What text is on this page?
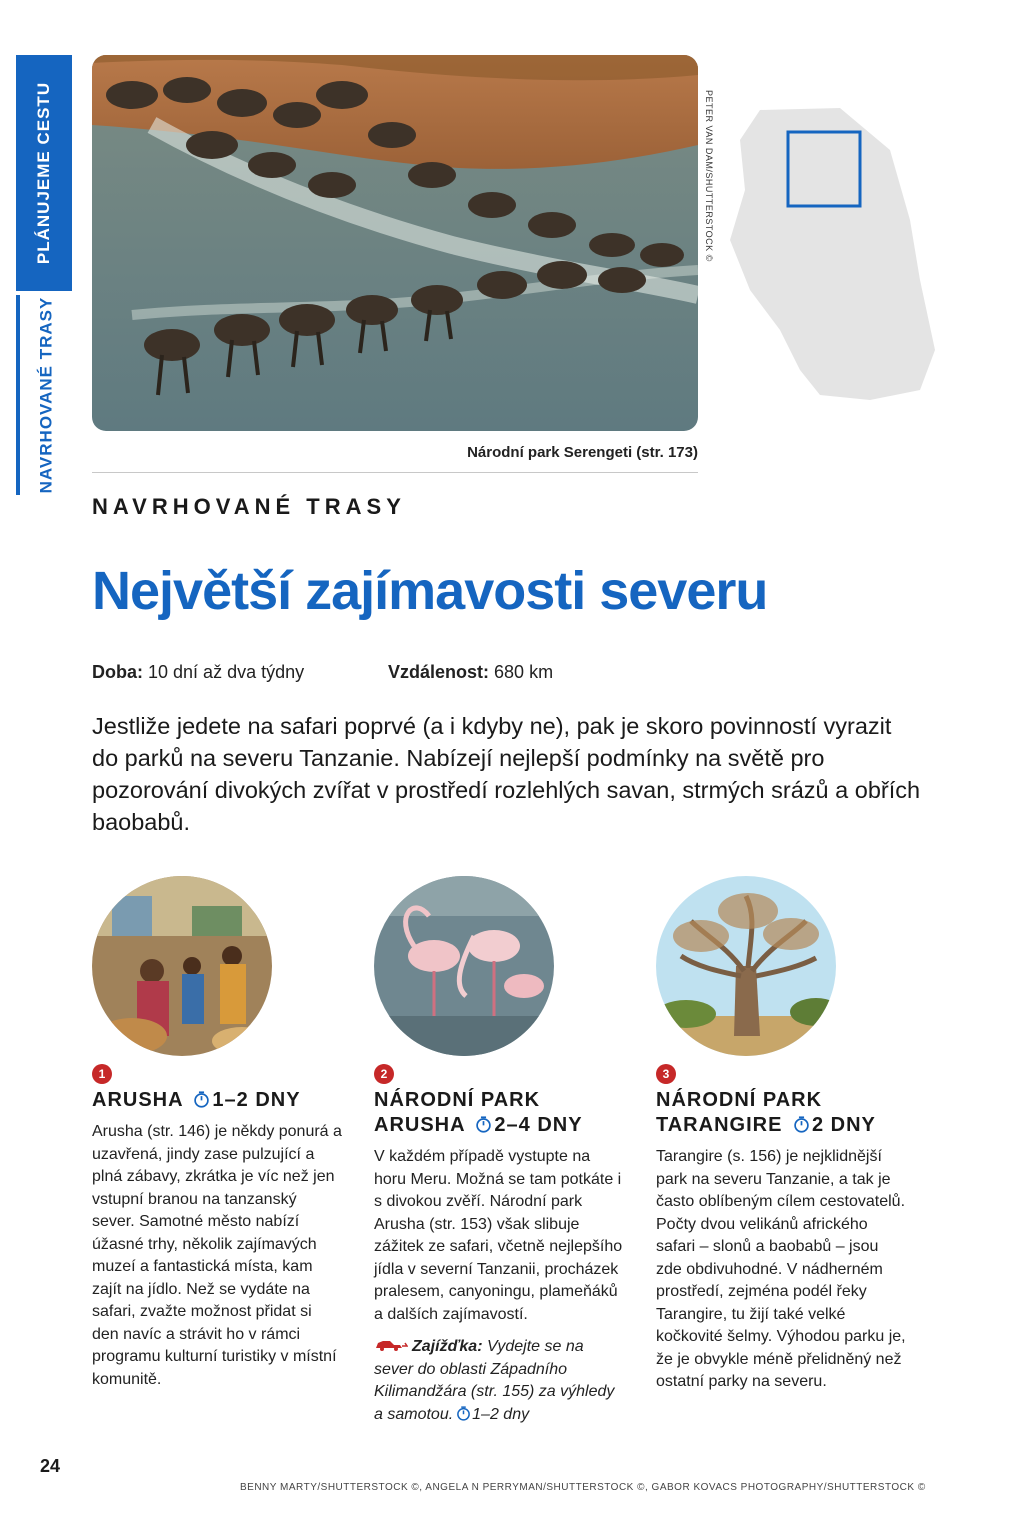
PLÁNUJEME CESTU
NAVRHOVANÉ TRASY
PETER VAN DAM/SHUTTERSTOCK ©
Národní park Serengeti (str. 173)
NAVRHOVANÉ TRASY
Největší zajímavosti severu
Doba: 10 dní až dva týdny	Vzdálenost: 680 km

Jestliže jedete na safari poprvé (a i kdyby ne), pak je skoro povinností vyrazit do parků na severu Tanzanie. Nabízejí nejlepší podmínky na světě pro pozorování divokých zvířat v prostředí rozlehlých savan, strmých srázů a obřích baobabů.

1
ARUSHA 1–2 DNY

Arusha (str. 146) je někdy ponurá a uzavřená, jindy zase pulzující a plná zábavy, zkrátka je víc než jen vstupní branou na tanzanský sever. Samotné město nabízí úžasné trhy, několik zajímavých muzeí a fantastická místa, kam zajít na jídlo. Než se vydáte na safari, zvažte možnost přidat si den navíc a strávit ho v rámci programu kulturní turistiky v místní komunitě.

2
NÁRODNÍ PARK
ARUSHA 2–4 DNY

V každém případě vystupte na horu Meru. Možná se tam potkáte i s divokou zvěří. Národní park Arusha (str. 153) však slibuje zážitek ze safari, včetně nejlepšího jídla v severní Tanzanii, procházek pralesem, canyoningu, plameňáků a dalších zajímavostí.

Zajížďka: Vydejte se na sever do oblasti Západního Kilimandžára (str. 155) za výhledy a samotou. 1–2 dny

3
NÁRODNÍ PARK
TARANGIRE 2 DNY

Tarangire (s. 156) je nejklidnější park na severu Tanzanie, a tak je často oblíbeným cílem cestovatelů. Počty dvou velikánů afrického safari – slonů a baobabů – jsou zde obdivuhodné. V nádherném prostředí, zejména podél řeky Tarangire, tu žijí také velké kočkovité šelmy. Výhodou parku je, že je obvykle méně přelidněný než ostatní parky na severu.

24
BENNY MARTY/SHUTTERSTOCK ©, ANGELA N PERRYMAN/SHUTTERSTOCK ©, GABOR KOVACS PHOTOGRAPHY/SHUTTERSTOCK ©
